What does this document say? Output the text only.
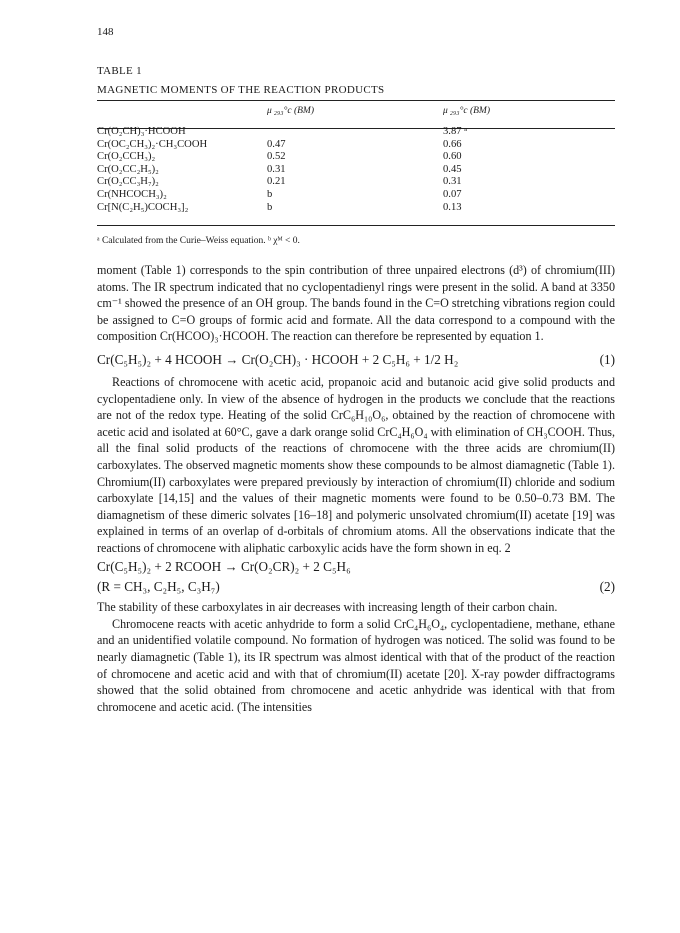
148
TABLE 1
MAGNETIC MOMENTS OF THE REACTION PRODUCTS
	μ ₂₉₃°c (BM)	μ ₂₉₃°c (BM)
Cr(O₂CH)₃·HCOOH		3.87 ᵃ
Cr(OC₂CH₃)₂·CH₃COOH	0.47	0.66
Cr(O₂CCH₃)₂	0.52	0.60
Cr(O₂CC₂H₅)₂	0.31	0.45
Cr(O₂CC₃H₇)₂	0.21	0.31
Cr(NHCOCH₃)₂	b	0.07
Cr[N(C₂H₅)COCH₃]₂	b	0.13
ᵃ Calculated from the Curie–Weiss equation. ᵇ χᴹ < 0.

moment (Table 1) corresponds to the spin contribution of three unpaired electrons (d³) of chromium(III) atoms. The IR spectrum indicated that no cyclopentadienyl rings were present in the solid. A band at 3350 cm⁻¹ showed the presence of an OH group. The bands found in the C=O stretching vibrations region could be assigned to C=O groups of formic acid and formate. All the data correspond to a compound with the composition Cr(HCOO)₃·HCOOH. The reaction can therefore be represented by equation 1.

Cr(C₅H₅)₂ + 4 HCOOH → Cr(O₂CH)₃ · HCOOH + 2 C₅H₆ + 1/2 H₂	(1)

Reactions of chromocene with acetic acid, propanoic acid and butanoic acid give solid products and cyclopentadiene only. In view of the absence of hydrogen in the products we conclude that the reactions are not of the redox type. Heating of the solid CrC₆H₁₀O₆, obtained by the reaction of chromocene with acetic acid and isolated at 60°C, gave a dark orange solid CrC₄H₆O₄ with elimination of CH₃COOH. Thus, all the final solid products of the reactions of chromocene with the three acids are chromium(II) carboxylates. The observed magnetic moments show these compounds to be almost diamagnetic (Table 1). Chromium(II) carboxylates were prepared previously by interaction of chromium(II) chloride and sodium carboxylate [14,15] and the values of their magnetic moments were found to be 0.50–0.73 BM. The diamagnetism of these dimeric solvates [16–18] and polymeric unsolvated chromium(II) acetate [19] was explained in terms of an overlap of d-orbitals of chromium atoms. All the observations indicate that the reactions of chromocene with aliphatic carboxylic acids have the form shown in eq. 2

Cr(C₅H₅)₂ + 2 RCOOH → Cr(O₂CR)₂ + 2 C₅H₆
(R = CH₃, C₂H₅, C₃H₇)	(2)

The stability of these carboxylates in air decreases with increasing length of their carbon chain.

Chromocene reacts with acetic anhydride to form a solid CrC₄H₆O₄, cyclopentadiene, methane, ethane and an unidentified volatile compound. No formation of hydrogen was noticed. The solid was found to be nearly diamagnetic (Table 1), its IR spectrum was almost identical with that of the product of the reaction of chromocene and acetic acid and with that of chromium(II) acetate [20]. X-ray powder diffractograms showed that the solid obtained from chromocene and acetic anhydride was identical with that from chromocene and acetic acid. (The intensities
